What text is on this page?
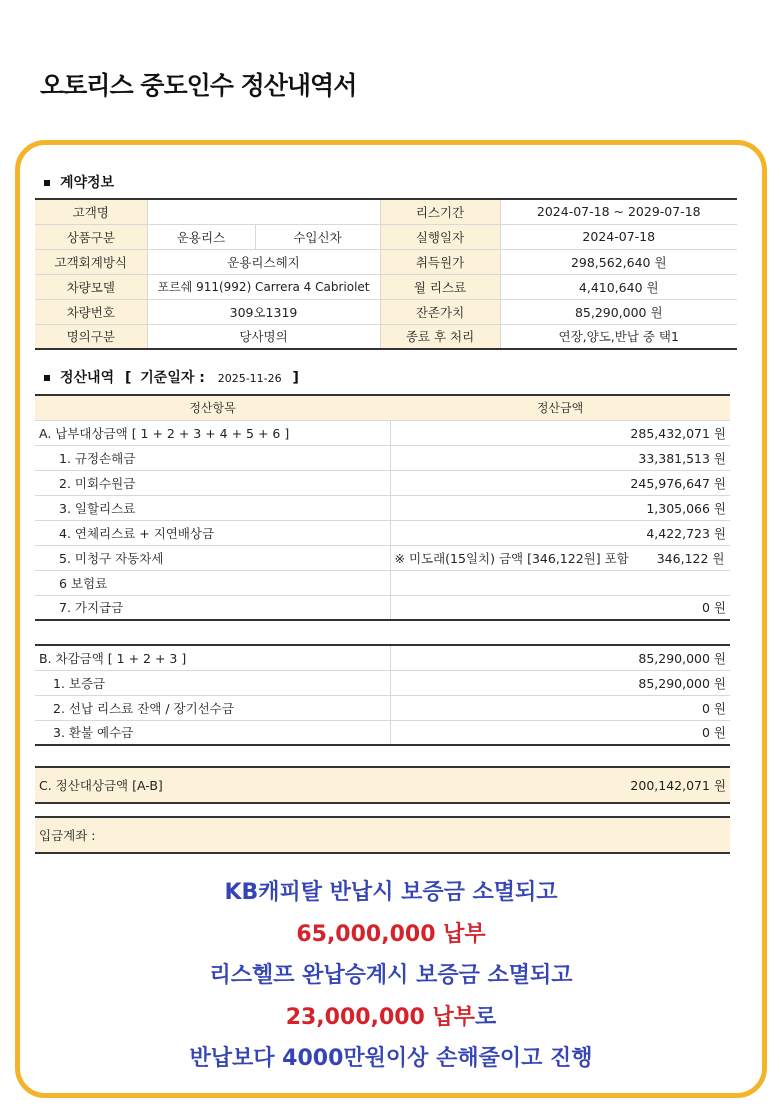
오토리스 중도인수 정산내역서
계약정보
고객명			리스기간	2024-07-18 ~ 2029-07-18
상품구분	운용리스	수입신차	실행일자	2024-07-18
고객회계방식	운용리스헤지		취득원가	298,562,640 원
차량모델	포르쉐 911(992) Carrera 4 Cabriolet		월 리스료	4,410,640 원
차량번호	309오1319		잔존가치	85,290,000 원
명의구분	당사명의		종료 후 처리	연장,양도,반납 중 택1
정산내역 [ 기준일자 : 2025-11-26 ]
정산항목	정산금액
A. 납부대상금액 [ 1 + 2 + 3 + 4 + 5 + 6 ]	285,432,071 원
1. 규정손해금	33,381,513 원
2. 미회수원금	245,976,647 원
3. 일할리스료	1,305,066 원
4. 연체리스료 + 지연배상금	4,422,723 원
5. 미청구 자동차세	※ 미도래(15일치) 금액 [346,122원] 포함 346,122 원
6 보험료	
7. 가지급금	0 원
B. 차감금액 [ 1 + 2 + 3 ]	85,290,000 원
1. 보증금	85,290,000 원
2. 선납 리스료 잔액 / 장기선수금	0 원
3. 환불 예수금	0 원
C. 정산대상금액 [A-B]	200,142,071 원
입금계좌 :
KB캐피탈 반납시 보증금 소멸되고
65,000,000 납부
리스헬프 완납승계시 보증금 소멸되고
23,000,000 납부로
반납보다 4000만원이상 손해줄이고 진행
